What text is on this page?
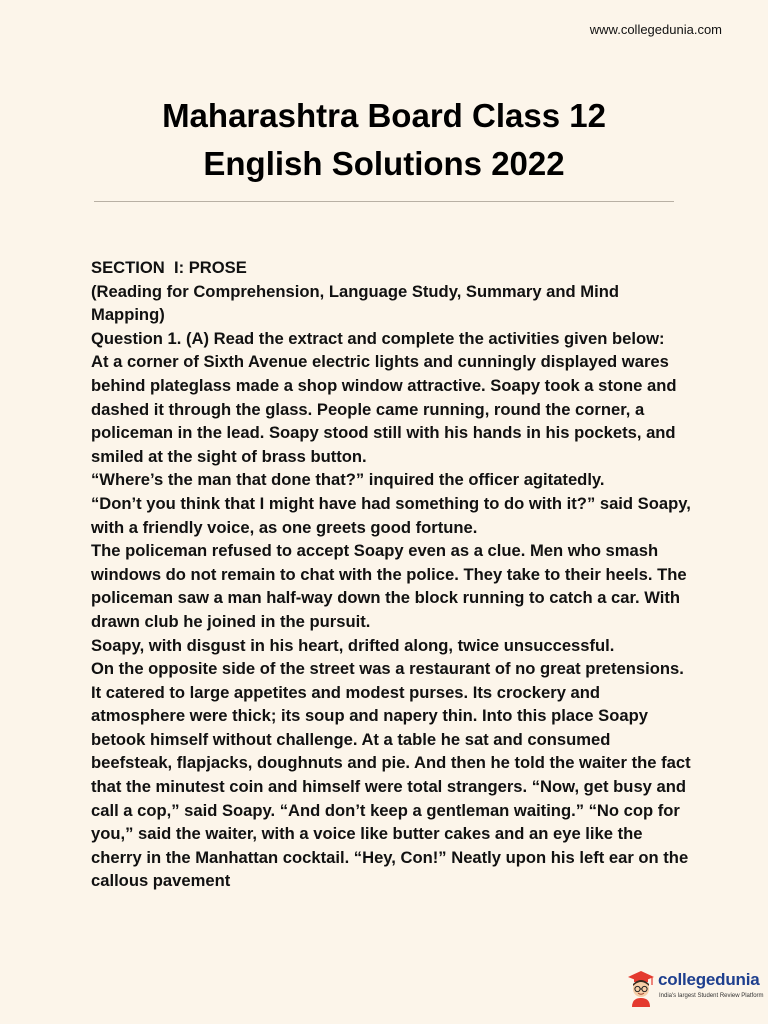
www.collegedunia.com
Maharashtra Board Class 12
English Solutions 2022

SECTION  I: PROSE

(Reading for Comprehension, Language Study, Summary and Mind Mapping)

Question 1. (A) Read the extract and complete the activities given below:

At a corner of Sixth Avenue electric lights and cunningly displayed wares behind plateglass made a shop window attractive. Soapy took a stone and dashed it through the glass. People came running, round the corner, a policeman in the lead. Soapy stood still with his hands in his pockets, and smiled at the sight of brass button.

“Where’s the man that done that?” inquired the officer agitatedly.

“Don’t you think that I might have had something to do with it?” said Soapy, with a friendly voice, as one greets good fortune.

The policeman refused to accept Soapy even as a clue. Men who smash windows do not remain to chat with the police. They take to their heels. The policeman saw a man half-way down the block running to catch a car. With drawn club he joined in the pursuit.

Soapy, with disgust in his heart, drifted along, twice unsuccessful.

On the opposite side of the street was a restaurant of no great pretensions. It catered to large appetites and modest purses. Its crockery and atmosphere were thick; its soup and napery thin. Into this place Soapy betook himself without challenge. At a table he sat and consumed beefsteak, flapjacks, doughnuts and pie. And then he told the waiter the fact that the minutest coin and himself were total strangers. “Now, get busy and call a cop,” said Soapy. “And don’t keep a gentleman waiting.” “No cop for you,” said the waiter, with a voice like butter cakes and an eye like the cherry in the Manhattan cocktail. “Hey, Con!” Neatly upon his left ear on the callous pavement

collegedunia
India's largest Student Review Platform
